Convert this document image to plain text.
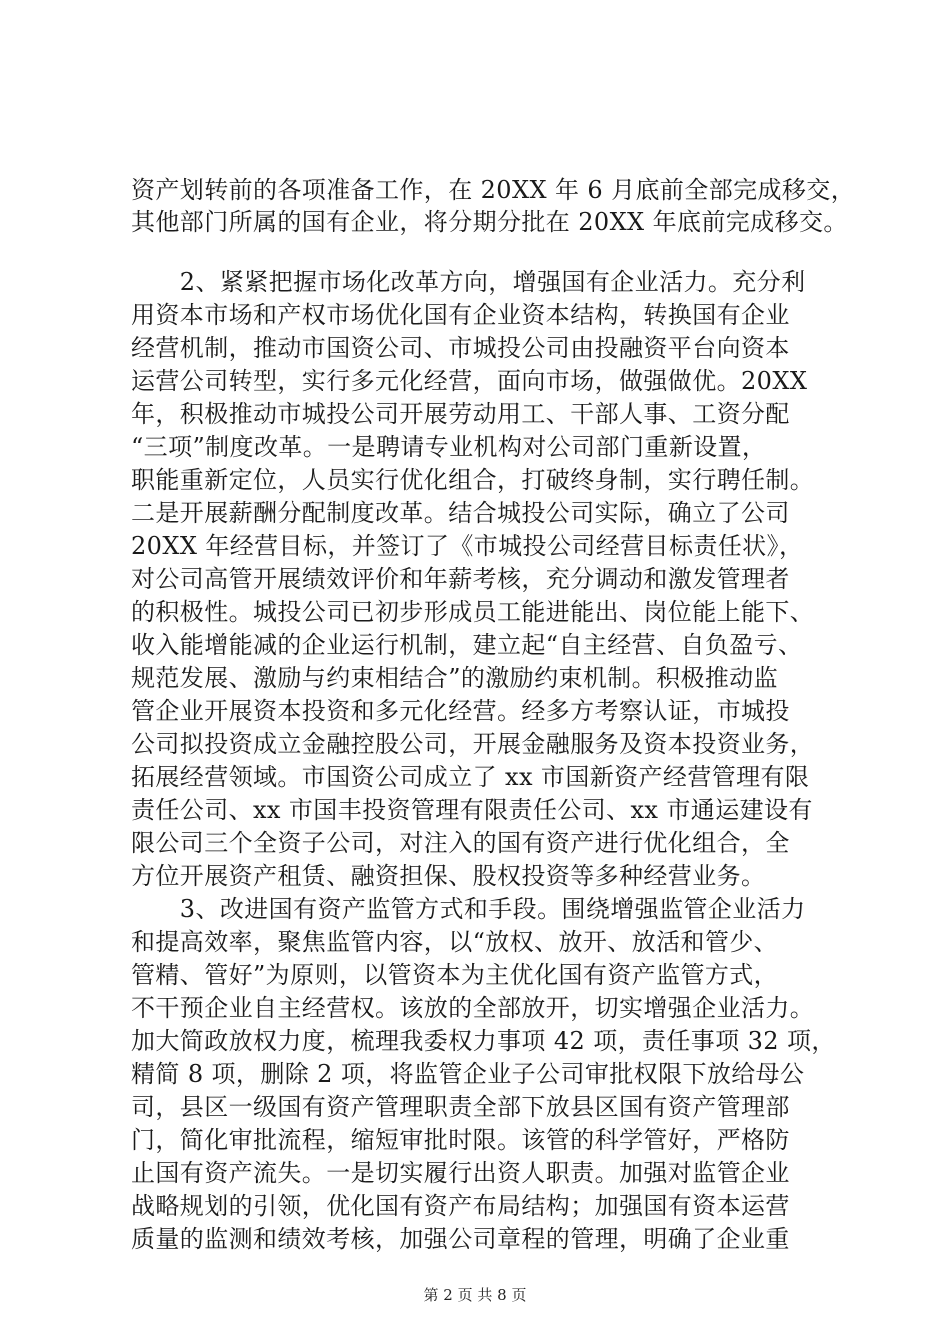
资产划转前的各项准备工作，在 20XX 年 6 月底前全部完成移交，
其他部门所属的国有企业，将分期分批在 20XX 年底前完成移交。
　　2、紧紧把握市场化改革方向，增强国有企业活力。充分利
用资本市场和产权市场优化国有企业资本结构，转换国有企业
经营机制，推动市国资公司、市城投公司由投融资平台向资本
运营公司转型，实行多元化经营，面向市场，做强做优。20XX
年，积极推动市城投公司开展劳动用工、干部人事、工资分配
“三项”制度改革。一是聘请专业机构对公司部门重新设置，
职能重新定位，人员实行优化组合，打破终身制，实行聘任制。
二是开展薪酬分配制度改革。结合城投公司实际，确立了公司
20XX 年经营目标，并签订了《市城投公司经营目标责任状》，
对公司高管开展绩效评价和年薪考核，充分调动和激发管理者
的积极性。城投公司已初步形成员工能进能出、岗位能上能下、
收入能增能减的企业运行机制，建立起“自主经营、自负盈亏、
规范发展、激励与约束相结合”的激励约束机制。积极推动监
管企业开展资本投资和多元化经营。经多方考察认证，市城投
公司拟投资成立金融控股公司，开展金融服务及资本投资业务，
拓展经营领域。市国资公司成立了 xx 市国新资产经营管理有限
责任公司、xx 市国丰投资管理有限责任公司、xx 市通运建设有
限公司三个全资子公司，对注入的国有资产进行优化组合，全
方位开展资产租赁、融资担保、股权投资等多种经营业务。
　　3、改进国有资产监管方式和手段。围绕增强监管企业活力
和提高效率，聚焦监管内容，以“放权、放开、放活和管少、
管精、管好”为原则，以管资本为主优化国有资产监管方式，
不干预企业自主经营权。该放的全部放开，切实增强企业活力。
加大简政放权力度，梳理我委权力事项 42 项，责任事项 32 项，
精简 8 项，删除 2 项，将监管企业子公司审批权限下放给母公
司，县区一级国有资产管理职责全部下放县区国有资产管理部
门，简化审批流程，缩短审批时限。该管的科学管好，严格防
止国有资产流失。一是切实履行出资人职责。加强对监管企业
战略规划的引领，优化国有资产布局结构；加强国有资本运营
质量的监测和绩效考核，加强公司章程的管理，明确了企业重
第 2 页 共 8 页
